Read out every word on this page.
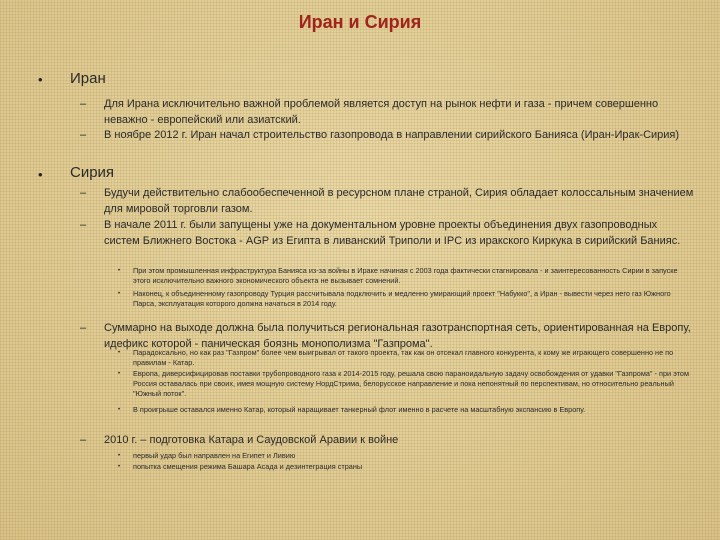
Иран и Сирия
• Иран
– Для Ирана исключительно важной проблемой является доступ на рынок нефти и газа - причем совершенно неважно - европейский или азиатский.
– В ноябре 2012 г. Иран начал строительство газопровода в направлении сирийского Банияса (Иран-Ирак-Сирия)
• Сирия
– Будучи действительно слабообеспеченной в ресурсном плане страной, Сирия обладает колоссальным значением для мировой торговли газом.
– В начале 2011 г. были запущены уже на документальном уровне проекты объединения двух газопроводных систем Ближнего Востока - AGP из Египта в ливанский Триполи и IPC из иракского Киркука в сирийский Банияс.
• При этом промышленная инфраструктура Банияса из-за войны в Ираке начиная с 2003 года фактически стагнировала - и заинтересованность Сирии в запуске этого исключительно важного экономического объекта не вызывает сомнений.
• Наконец, к объединенному газопроводу Турция рассчитывала подключить и медленно умирающий проект "Набукко", а Иран - вывести через него газ Южного Парса, эксплуатация которого должна начаться в 2014 году.
– Суммарно на выходе должна была получиться региональная газотранспортная сеть, ориентированная на Европу, идефикс которой - паническая боязнь монополизма "Газпрома".
• Парадоксально, но как раз "Газпром" более чем выигрывал от такого проекта, так как он отсекал главного конкурента, к кому же играющего совершенно не по правилам - Катар.
• Европа, диверсифицировав поставки трубопроводного газа к 2014-2015 году, решала свою параноидальную задачу освобождения от удавки "Газпрома" - при этом Россия оставалась при своих, имея мощную систему НордСтрима, белорусское направление и пока непонятный по перспективам, но относительно реальный "Южный поток".
• В проигрыше оставался именно Катар, который наращивает танкерный флот именно в расчете на масштабную экспансию в Европу.
– 2010 г. – подготовка Катара и Саудовской Аравии к войне
• первый удар был направлен на Египет и Ливию
• попытка смещения режима Башара Асада и дезинтеграция страны
